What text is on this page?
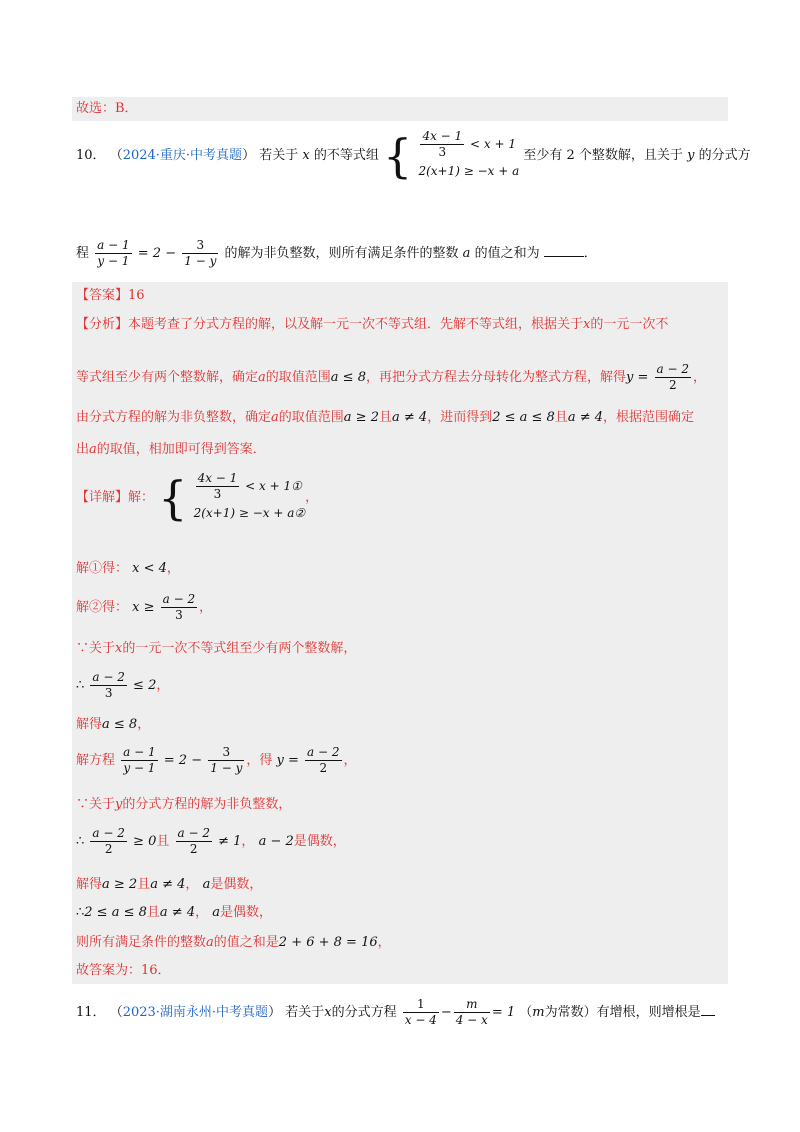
故选：B．
10． （2024·重庆·中考真题） 若关于 x 的不等式组 { $\frac{4x - 1}{3} < x + 1$
2(x+1) ≥ −x + a
至少有 2 个整数解，且关于 y 的分式方
程 $\frac{a - 1}{y - 1} = 2 - \frac{3}{1 - y}$ 的解为非负整数，则所有满足条件的整数 a 的值之和为	．
【答案】16
【分析】本题考查了分式方程的解，以及解一元一次不等式组．先解不等式组，根据关于x的一元一次不
等式组至少有两个整数解，确定a的取值范围a ≤ 8，再把分式方程去分母转化为整式方程，解得$y = \frac{a - 2}{2}$ ，
由分式方程的解为非负整数，确定a的取值范围a ≥ 2且a ≠ 4，进而得到2 ≤ a ≤ 8且a ≠ 4，根据范围确定
出a的取值，相加即可得到答案．
【详解】解： { $\frac{4x - 1}{3} < x$ + 1①
2(x+1) ≥ −x + a②
，
解①得： x < 4，
解②得： $x \ge \frac{a - 2}{3}$ ，
∵关于x的一元一次不等式组至少有两个整数解，
∴ $\frac{a - 2}{3} \le 2$，
解得a ≤ 8，
解方程 $\frac{a - 1}{y - 1} = 2 - \frac{3}{1 - y}$ ，得 $y = \frac{a - 2}{2}$ ，
∵关于y的分式方程的解为非负整数，
∴ $\frac{a - 2}{2} \ge 0$且 $\frac{a - 2}{2} \ne 1$， a − 2是偶数，
解得a ≥ 2且a ≠ 4， a是偶数，
∴2 ≤ a ≤ 8且a ≠ 4， a是偶数，
则所有满足条件的整数a的值之和是2 + 6 + 8 = 16，
故答案为：16．
11． （2023·湖南永州·中考真题） 若关于x的分式方程 $\frac{1}{x - 4} - \frac{m}{4 - x} = 1$ （m为常数）有增根，则增根是
